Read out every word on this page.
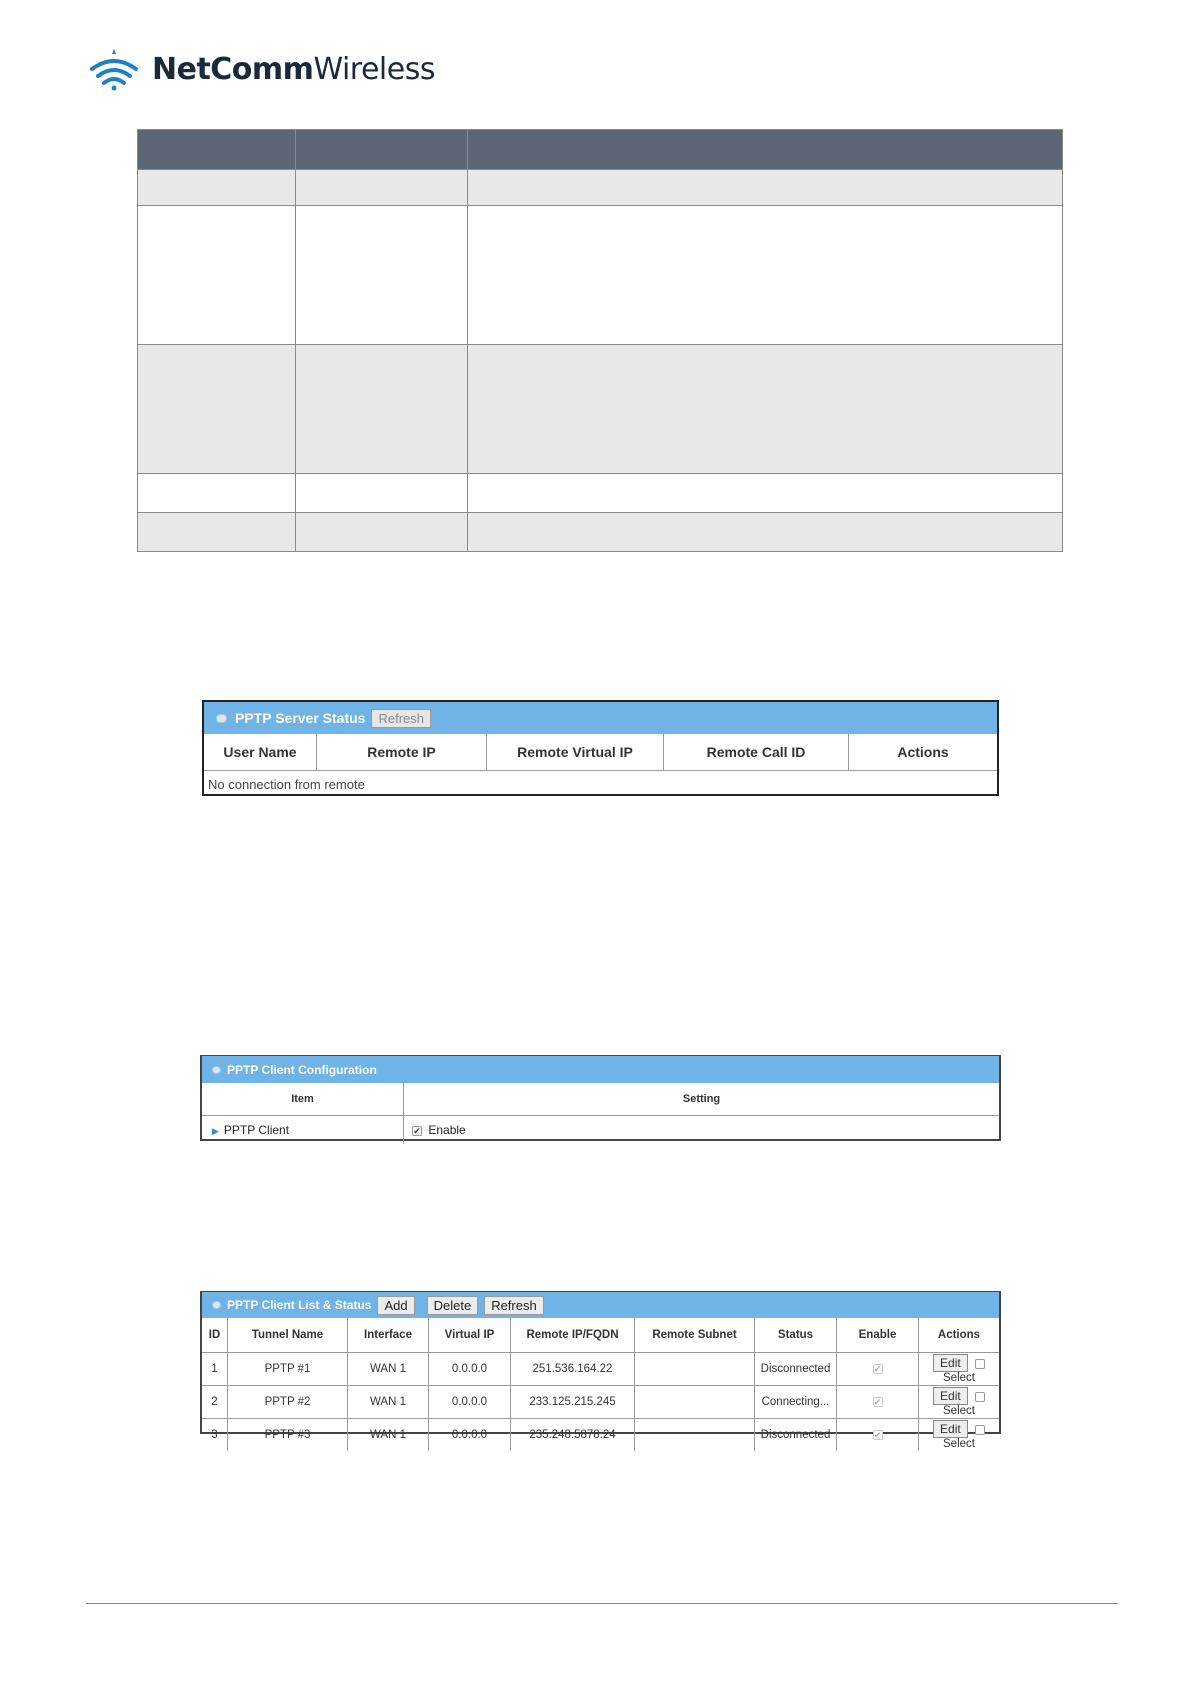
NetCommWireless

PPTP Server Status	Refresh
User Name	Remote IP	Remote Virtual IP	Remote Call ID	Actions
No connection from remote
PPTP Client Configuration
Item	Setting
▶ PPTP Client	✔ Enable
PPTP Client List & Status	Add	Delete	Refresh
ID	Tunnel Name	Interface	Virtual IP	Remote IP/FQDN	Remote Subnet	Status	Enable	Actions
1	PPTP #1	WAN 1	0.0.0.0	251.536.164.22		Disconnected	✔	Edit  Select
2	PPTP #2	WAN 1	0.0.0.0	233.125.215.245		Connecting...	✔	Edit  Select
3	PPTP #3	WAN 1	0.0.0.0	235.248.5878.24		Disconnected	✔	Edit  Select
